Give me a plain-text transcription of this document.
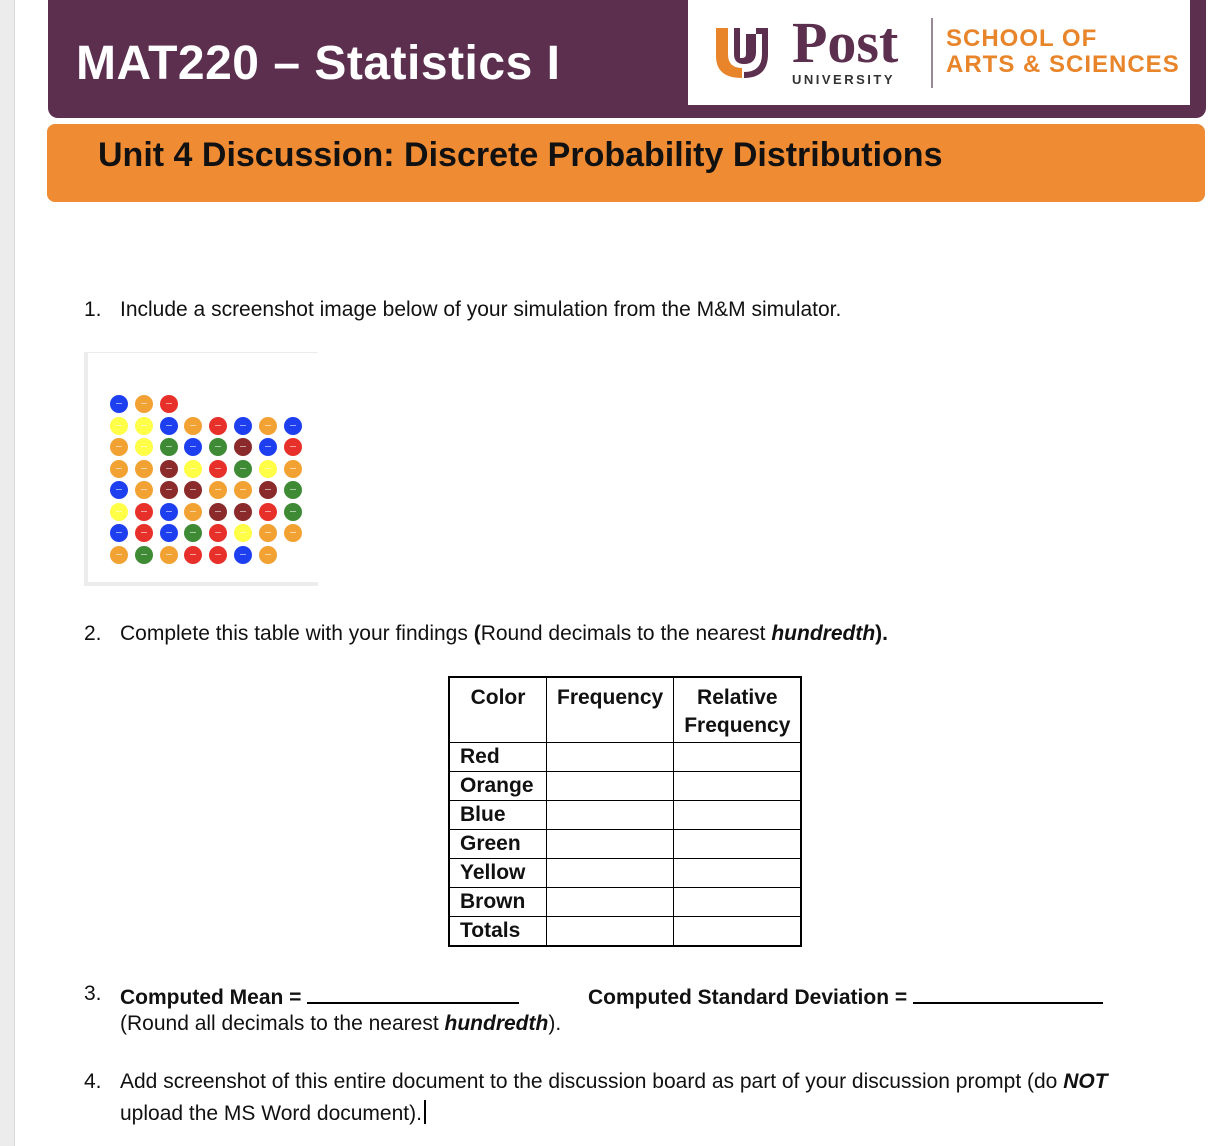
MAT220 – Statistics I	Post
UNIVERSITY
SCHOOL OF
ARTS & SCIENCES
Unit 4 Discussion: Discrete Probability Distributions
1. Include a screenshot image below of your simulation from the M&M simulator.
2. Complete this table with your findings (Round decimals to the nearest hundredth).
Color	Frequency	Relative Frequency
Red		
Orange		
Blue		
Green		
Yellow		
Brown		
Totals		
3. Computed Mean =	Computed Standard Deviation =
(Round all decimals to the nearest hundredth).
4. Add screenshot of this entire document to the discussion board as part of your discussion prompt (do NOT
upload the MS Word document).
